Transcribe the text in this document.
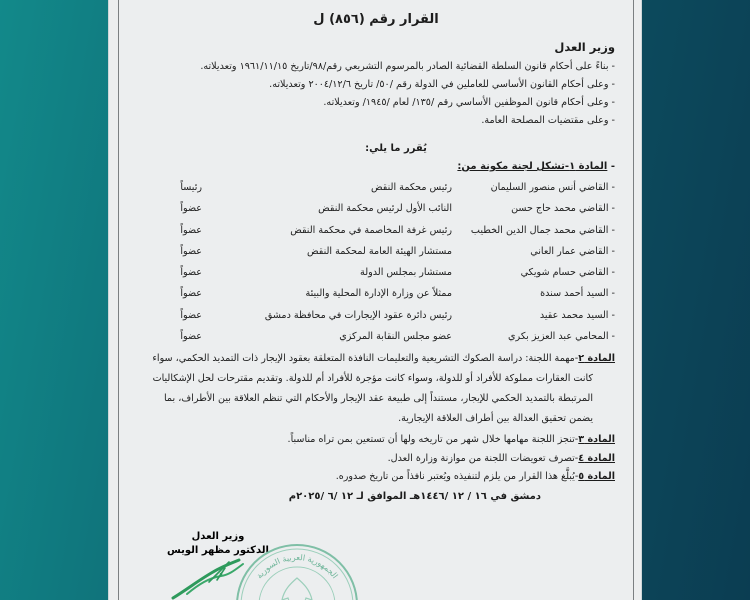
القرار رقم (٨٥٦) ل
وزير العدل
- بناءً على أحكام قانون السلطة القضائية الصادر بالمرسوم التشريعي رقم/٩٨/تاريخ ١٩٦١/١١/١٥ وتعديلاته.
- وعلى أحكام القانون الأساسي للعاملين في الدولة رقم /٥٠/ تاريخ ٢٠٠٤/١٢/٦ وتعديلاته.
- وعلى أحكام قانون الموظفين الأساسي رقم /١٣٥/ لعام /١٩٤٥/ وتعديلاته.
- وعلى مقتضيات المصلحة العامة.
يُقرر ما يلي:
- المادة ١-تشكل لجنة مكونة من:
- القاضي أنس منصور السليمان
رئيس محكمة النقض
رئيساً
- القاضي محمد حاج حسن
النائب الأول لرئيس محكمة النقض
عضواً
- القاضي محمد جمال الدين الخطيب
رئيس غرفة المخاصمة في محكمة النقض
عضواً
- القاضي عمار العاني
مستشار الهيئة العامة لمحكمة النقض
عضواً
- القاضي حسام شويكي
مستشار بمجلس الدولة
عضواً
- السيد أحمد سندة
ممثلاً عن وزارة الإدارة المحلية والبيئة
عضواً
- السيد محمد عقيد
رئيس دائرة عقود الإيجارات في محافظة دمشق
عضواً
- المحامي عبد العزيز بكري
عضو مجلس النقابة المركزي
عضواً
المادة ٢-مهمة اللجنة: دراسة الصكوك التشريعية والتعليمات النافذة المتعلقة بعقود الإيجار ذات التمديد الحكمي، سواء
كانت العقارات مملوكة للأفراد أو للدولة، وسواء كانت مؤجرة للأفراد أم للدولة. وتقديم مقترحات لحل الإشكاليات
المرتبطة بالتمديد الحكمي للإيجار، مستنداً إلى طبيعة عقد الإيجار والأحكام التي تنظم العلاقة بين الأطراف، بما
يضمن تحقيق العدالة بين أطراف العلاقة الإيجارية.
المادة ٣-تنجز اللجنة مهامها خلال شهر من تاريخه ولها أن تستعين بمن تراه مناسباً.
المادة ٤-تصرف تعويضات اللجنة من موازنة وزارة العدل.
المادة ٥-يُبلَّغ هذا القرار من يلزم لتنفيذه ويُعتبر نافذاً من تاريخ صدوره.
دمشق في ١٦ / ١٢ /١٤٤٦هـ الموافق لـ ١٢ /٦ /٢٠٢٥م
وزير العدل
الدكتور مظهر الويس
الجمهورية العربية السورية
